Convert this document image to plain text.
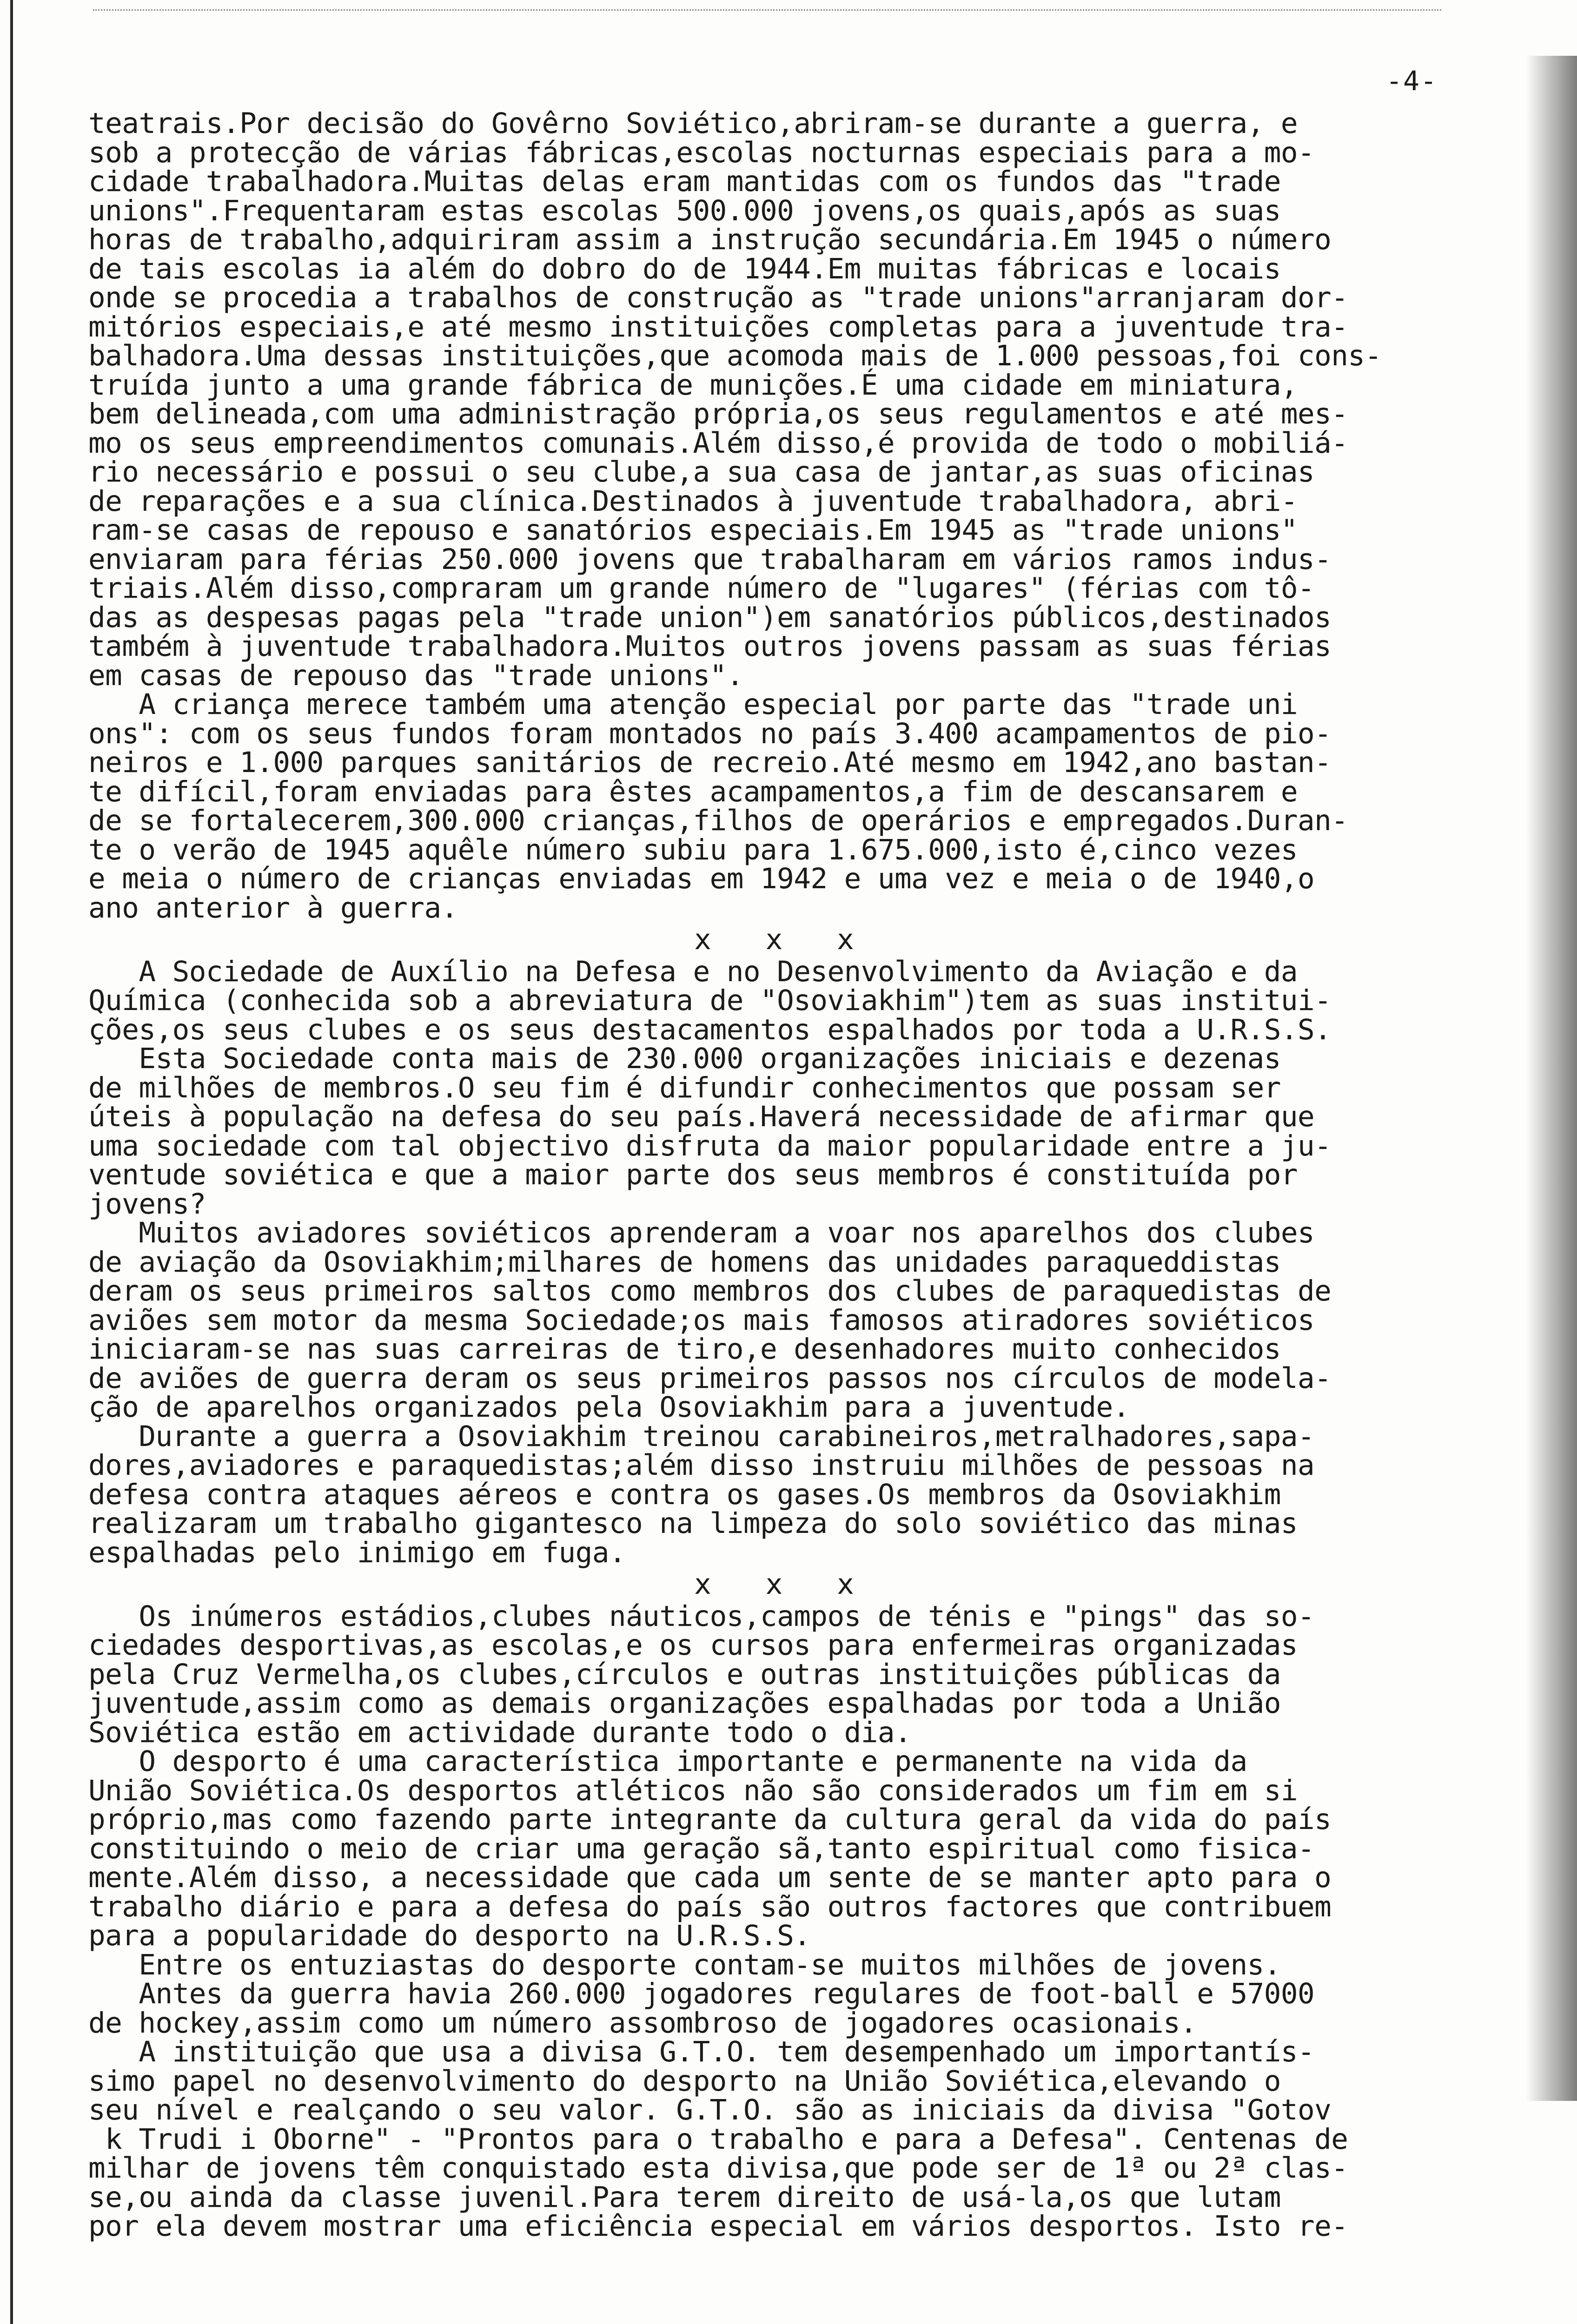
-4-
teatrais.Por decisão do Govêrno Soviético,abriram-se durante a guerra, e
sob a protecção de várias fábricas,escolas nocturnas especiais para a mo-
cidade trabalhadora.Muitas delas eram mantidas com os fundos das "trade
unions".Frequentaram estas escolas 500.000 jovens,os quais,após as suas
horas de trabalho,adquiriram assim a instrução secundária.Em 1945 o número
de tais escolas ia além do dobro do de 1944.Em muitas fábricas e locais
onde se procedia a trabalhos de construção as "trade unions"arranjaram dor-
mitórios especiais,e até mesmo instituições completas para a juventude tra-
balhadora.Uma dessas instituições,que acomoda mais de 1.000 pessoas,foi cons-
truída junto a uma grande fábrica de munições.É uma cidade em miniatura,
bem delineada,com uma administração própria,os seus regulamentos e até mes-
mo os seus empreendimentos comunais.Além disso,é provida de todo o mobiliá-
rio necessário e possui o seu clube,a sua casa de jantar,as suas oficinas
de reparações e a sua clínica.Destinados à juventude trabalhadora, abri-
ram-se casas de repouso e sanatórios especiais.Em 1945 as "trade unions"
enviaram para férias 250.000 jovens que trabalharam em vários ramos indus-
triais.Além disso,compraram um grande número de "lugares" (férias com tô-
das as despesas pagas pela "trade union")em sanatórios públicos,destinados
também à juventude trabalhadora.Muitos outros jovens passam as suas férias
em casas de repouso das "trade unions".
A criança merece também uma atenção especial por parte das "trade uni
ons": com os seus fundos foram montados no país 3.400 acampamentos de pio-
neiros e 1.000 parques sanitários de recreio.Até mesmo em 1942,ano bastan-
te difícil,foram enviadas para êstes acampamentos,a fim de descansarem e
de se fortalecerem,300.000 crianças,filhos de operários e empregados.Duran-
te o verão de 1945 aquêle número subiu para 1.675.000,isto é,cinco vezes
e meia o número de crianças enviadas em 1942 e uma vez e meia o de 1940,o
ano anterior à guerra.
x x x
A Sociedade de Auxílio na Defesa e no Desenvolvimento da Aviação e da
Química (conhecida sob a abreviatura de "Osoviakhim")tem as suas institui-
ções,os seus clubes e os seus destacamentos espalhados por toda a U.R.S.S.
Esta Sociedade conta mais de 230.000 organizações iniciais e dezenas
de milhões de membros.O seu fim é difundir conhecimentos que possam ser
úteis à população na defesa do seu país.Haverá necessidade de afirmar que
uma sociedade com tal objectivo disfruta da maior popularidade entre a ju-
ventude soviética e que a maior parte dos seus membros é constituída por
jovens?
Muitos aviadores soviéticos aprenderam a voar nos aparelhos dos clubes
de aviação da Osoviakhim;milhares de homens das unidades paraqueddistas
deram os seus primeiros saltos como membros dos clubes de paraquedistas de
aviões sem motor da mesma Sociedade;os mais famosos atiradores soviéticos
iniciaram-se nas suas carreiras de tiro,e desenhadores muito conhecidos
de aviões de guerra deram os seus primeiros passos nos círculos de modela-
ção de aparelhos organizados pela Osoviakhim para a juventude.
Durante a guerra a Osoviakhim treinou carabineiros,metralhadores,sapa-
dores,aviadores e paraquedistas;além disso instruiu milhões de pessoas na
defesa contra ataques aéreos e contra os gases.Os membros da Osoviakhim
realizaram um trabalho gigantesco na limpeza do solo soviético das minas
espalhadas pelo inimigo em fuga.
x x x
Os inúmeros estádios,clubes náuticos,campos de ténis e "pings" das so-
ciedades desportivas,as escolas,e os cursos para enfermeiras organizadas
pela Cruz Vermelha,os clubes,círculos e outras instituições públicas da
juventude,assim como as demais organizações espalhadas por toda a União
Soviética estão em actividade durante todo o dia.
O desporto é uma característica importante e permanente na vida da
União Soviética.Os desportos atléticos não são considerados um fim em si
próprio,mas como fazendo parte integrante da cultura geral da vida do país
constituindo o meio de criar uma geração sã,tanto espiritual como fisica-
mente.Além disso, a necessidade que cada um sente de se manter apto para o
trabalho diário e para a defesa do país são outros factores que contribuem
para a popularidade do desporto na U.R.S.S.
Entre os entuziastas do desporte contam-se muitos milhões de jovens.
Antes da guerra havia 260.000 jogadores regulares de foot-ball e 57000
de hockey,assim como um número assombroso de jogadores ocasionais.
A instituição que usa a divisa G.T.O. tem desempenhado um importantís-
simo papel no desenvolvimento do desporto na União Soviética,elevando o
seu nível e realçando o seu valor. G.T.O. são as iniciais da divisa "Gotov
k Trudi i Oborne" - "Prontos para o trabalho e para a Defesa". Centenas de
milhar de jovens têm conquistado esta divisa,que pode ser de 1ª ou 2ª clas-
se,ou ainda da classe juvenil.Para terem direito de usá-la,os que lutam
por ela devem mostrar uma eficiência especial em vários desportos. Isto re-
